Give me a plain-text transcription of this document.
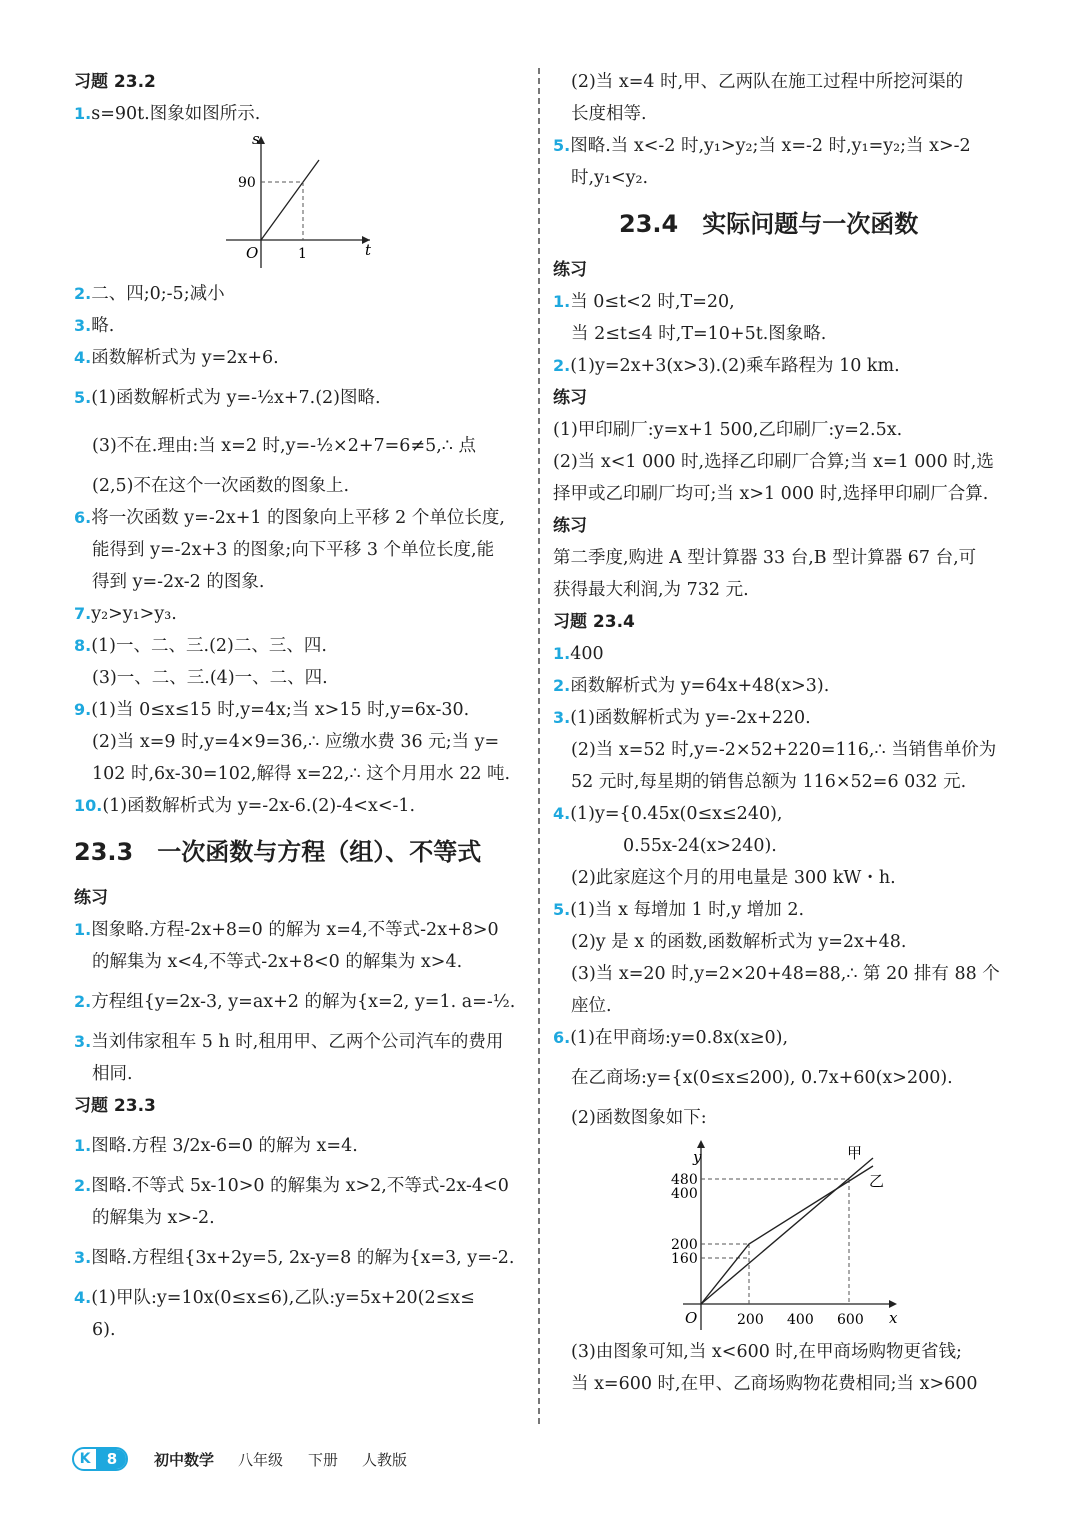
习题 23.2
1.s=90t.图象如图所示.
s
t
O
90
1
2.二、四;0;-5;减小
3.略.
4.函数解析式为 y=2x+6.
5.(1)函数解析式为 y=-½x+7.(2)图略.
(3)不在.理由:当 x=2 时,y=-½×2+7=6≠5,∴ 点
(2,5)不在这个一次函数的图象上.
6.将一次函数 y=-2x+1 的图象向上平移 2 个单位长度,
能得到 y=-2x+3 的图象;向下平移 3 个单位长度,能
得到 y=-2x-2 的图象.
7.y₂>y₁>y₃.
8.(1)一、二、三.(2)二、三、四.
(3)一、二、三.(4)一、二、四.
9.(1)当 0≤x≤15 时,y=4x;当 x>15 时,y=6x-30.
(2)当 x=9 时,y=4×9=36,∴ 应缴水费 36 元;当 y=
102 时,6x-30=102,解得 x=22,∴ 这个月用水 22 吨.
10.(1)函数解析式为 y=-2x-6.(2)-4<x<-1.
23.3　一次函数与方程（组）、不等式
练习
1.图象略.方程-2x+8=0 的解为 x=4,不等式-2x+8>0
的解集为 x<4,不等式-2x+8<0 的解集为 x>4.
2.方程组{y=2x-3, y=ax+2 的解为{x=2, y=1. a=-½.
3.当刘伟家租车 5 h 时,租用甲、乙两个公司汽车的费用
相同.
习题 23.3
1.图略.方程 3/2x-6=0 的解为 x=4.
2.图略.不等式 5x-10>0 的解集为 x>2,不等式-2x-4<0
的解集为 x>-2.
3.图略.方程组{3x+2y=5, 2x-y=8 的解为{x=3, y=-2.
4.(1)甲队:y=10x(0≤x≤6),乙队:y=5x+20(2≤x≤
6).
(2)当 x=4 时,甲、乙两队在施工过程中所挖河渠的
长度相等.
5.图略.当 x<-2 时,y₁>y₂;当 x=-2 时,y₁=y₂;当 x>-2
时,y₁<y₂.
23.4　实际问题与一次函数
练习
1.当 0≤t<2 时,T=20,
当 2≤t≤4 时,T=10+5t.图象略.
2.(1)y=2x+3(x>3).(2)乘车路程为 10 km.
练习
(1)甲印刷厂:y=x+1 500,乙印刷厂:y=2.5x.
(2)当 x<1 000 时,选择乙印刷厂合算;当 x=1 000 时,选
择甲或乙印刷厂均可;当 x>1 000 时,选择甲印刷厂合算.
练习
第二季度,购进 A 型计算器 33 台,B 型计算器 67 台,可
获得最大利润,为 732 元.
习题 23.4
1.400
2.函数解析式为 y=64x+48(x>3).
3.(1)函数解析式为 y=-2x+220.
(2)当 x=52 时,y=-2×52+220=116,∴ 当销售单价为
52 元时,每星期的销售总额为 116×52=6 032 元.
4.(1)y={0.45x(0≤x≤240),
0.55x-24(x>240).
(2)此家庭这个月的用电量是 300 kW・h.
5.(1)当 x 每增加 1 时,y 增加 2.
(2)y 是 x 的函数,函数解析式为 y=2x+48.
(3)当 x=20 时,y=2×20+48=88,∴ 第 20 排有 88 个
座位.
6.(1)在甲商场:y=0.8x(x≥0),
在乙商场:y={x(0≤x≤200), 0.7x+60(x>200).
(2)函数图象如下:
y
x
O
甲
乙
480
400
200
160
200 400 600
(3)由图象可知,当 x<600 时,在甲商场购物更省钱;
当 x=600 时,在甲、乙商场购物花费相同;当 x>600
K	8	初中数学 八年级 下册 人教版
